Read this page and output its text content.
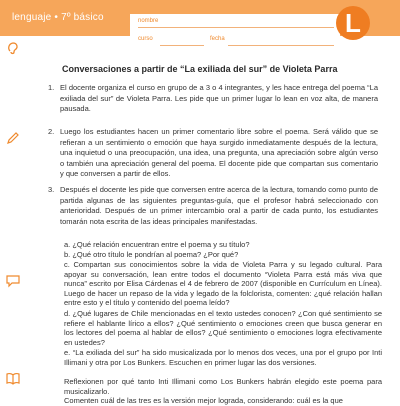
lenguaje • 7º básico	nombre
curso	fecha
L
Conversaciones a partir de “La exiliada del sur” de Violeta Parra
1. El docente organiza el curso en grupo de a 3 o 4 integrantes, y les hace entrega del poema “La exiliada del sur” de Violeta Parra. Les pide que un primer lugar lo lean en voz alta, de manera pausada.

2. Luego los estudiantes hacen un primer comentario libre sobre el poema. Será válido que se refieran a un sentimiento o emoción que haya surgido inmediatamente después de la lectura, una inquietud o una preocupación, una idea, una pregunta, una apreciación sobre algún verso o también una apreciación general del poema. El docente pide que compartan sus comentario y que conversen a partir de ellos.

3. Después el docente les pide que conversen entre acerca de la lectura, tomando como punto de partida algunas de las siguientes preguntas-guía, que el profesor habrá seleccionado con anterioridad. Después de un primer intercambio oral a partir de cada punto, los estudiantes tomarán nota escrita de las ideas principales manifestadas.

a. ¿Qué relación encuentran entre el poema y su título?

b. ¿Qué otro título le pondrían al poema? ¿Por qué?

c. Compartan sus conocimientos sobre la vida de Violeta Parra y su legado cultural. Para apoyar su conversación, lean entre todos el documento “Violeta Parra está más viva que nunca” escrito por Elisa Cárdenas el 4 de febrero de 2007 (disponible en Currículum en Línea). Luego de hacer un repaso de la vida y legado de la folclorista, comenten: ¿qué relación hallan entre esto y el título y contenido del poema leído?

d. ¿Qué lugares de Chile mencionadas en el texto ustedes conocen? ¿Con qué sentimiento se refiere el hablante lírico a ellos? ¿Qué sentimiento o emociones creen que busca generar en los lectores del poema al hablar de ellos? ¿Qué sentimiento o emociones logra efectivamente en ustedes?

e. “La exiliada del sur” ha sido musicalizada por lo menos dos veces, una por el grupo por Inti Illimani y otra por Los Bunkers. Escuchen en primer lugar las dos versiones.

Reflexionen por qué tanto Inti Illimani como Los Bunkers habrán elegido este poema para musicalizarlo.

Comenten cuál de las tres es la versión mejor lograda, considerando: cuál es la que
